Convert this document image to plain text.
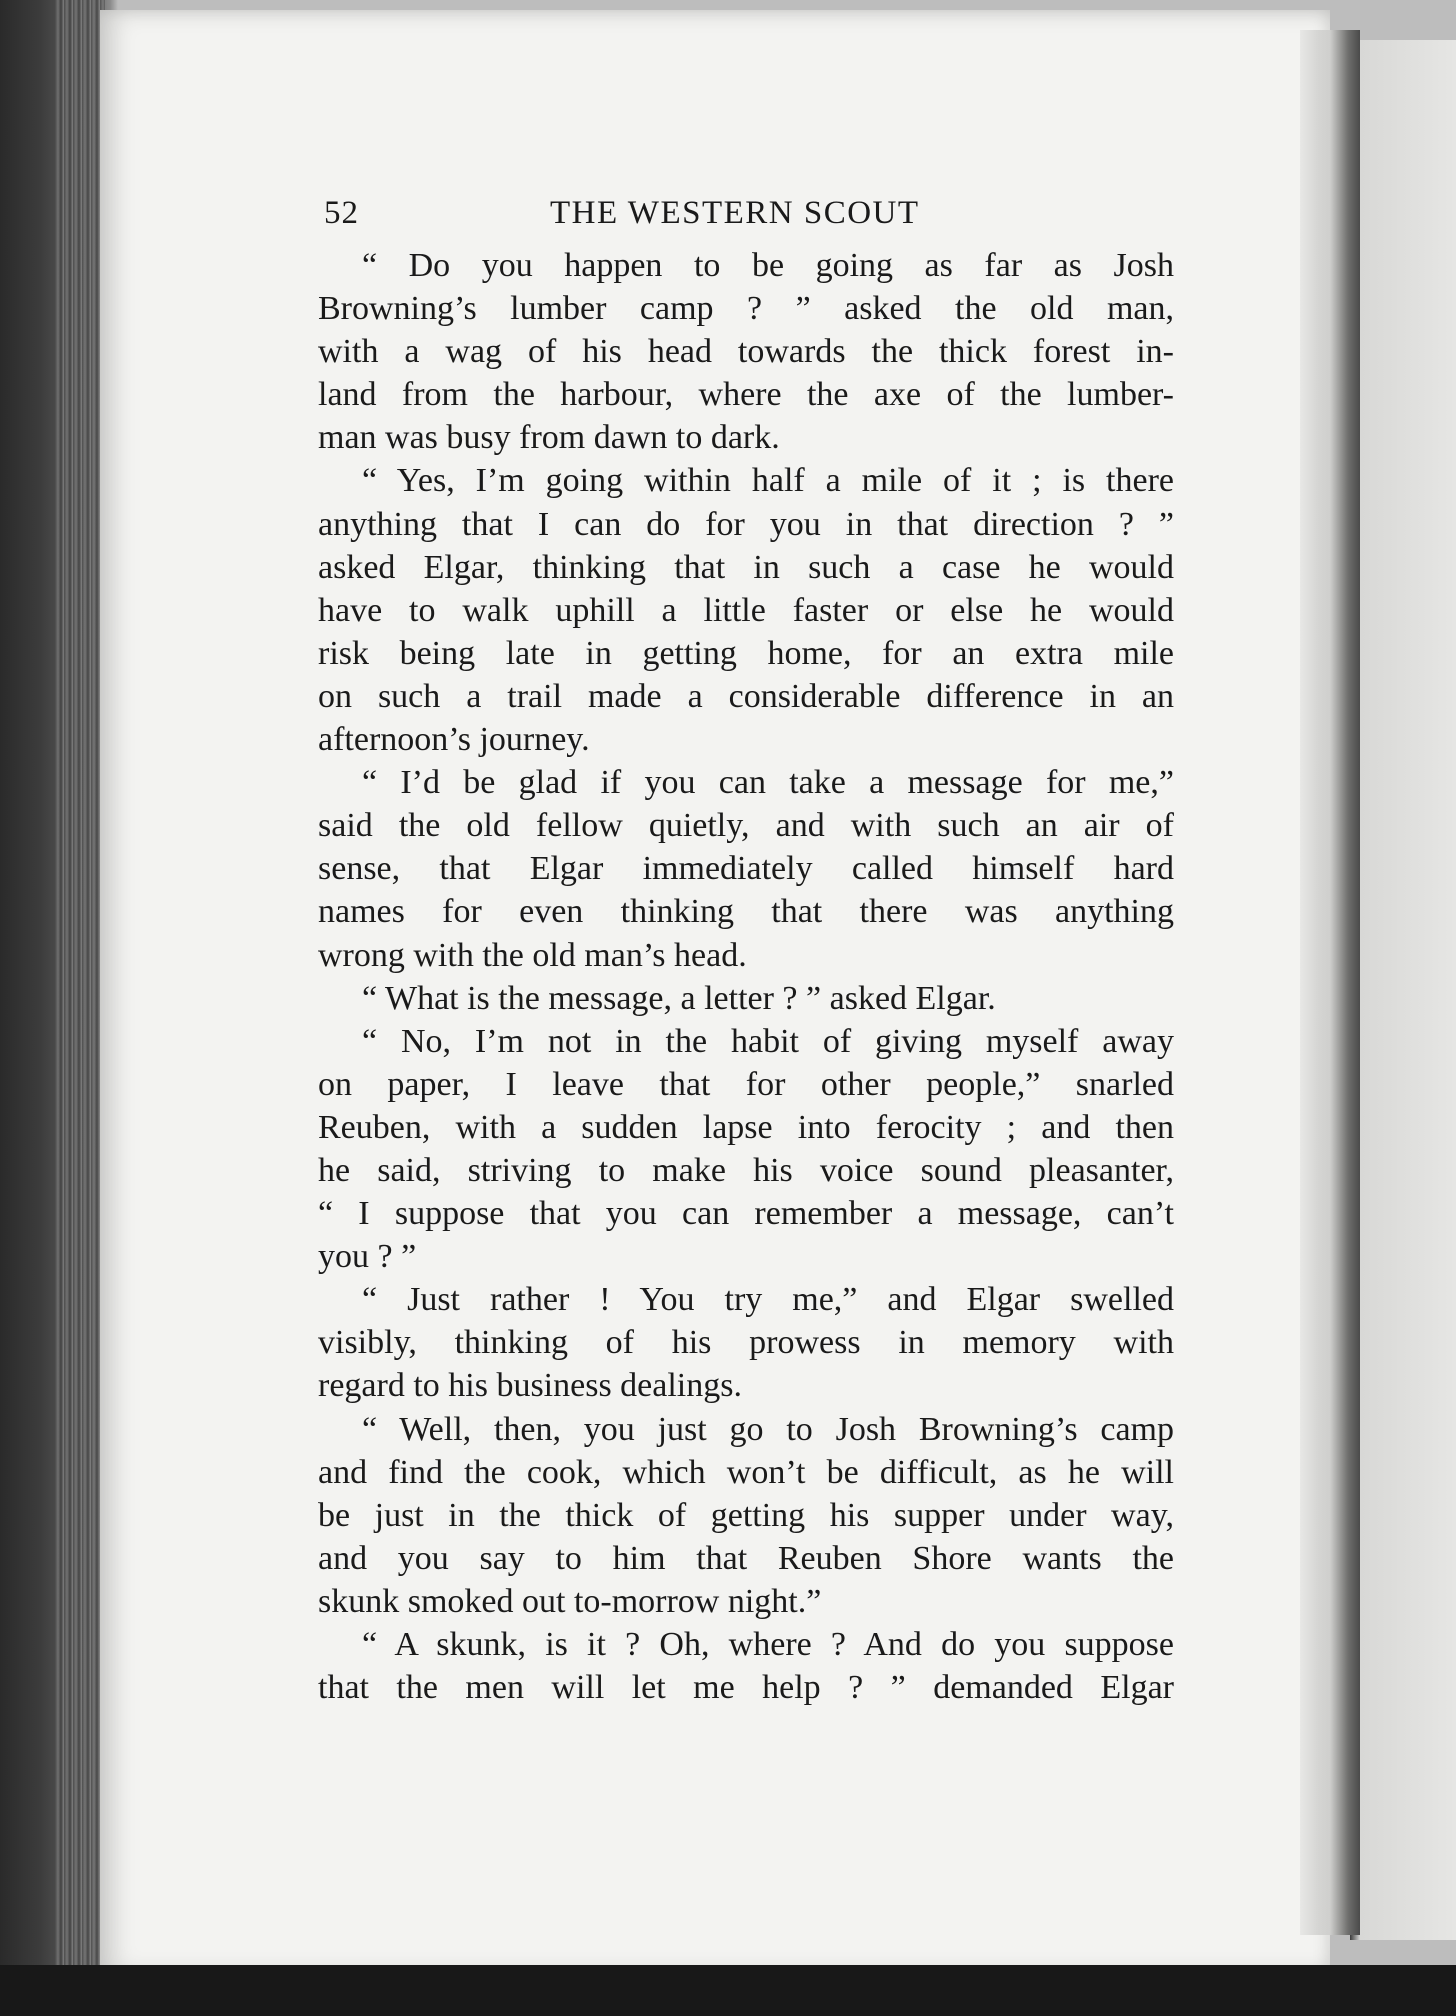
52	THE WESTERN SCOUT
“ Do you happen to be going as far as Josh
Browning’s lumber camp ? ” asked the old man,
with a wag of his head towards the thick forest in-
land from the harbour, where the axe of the lumber-
man was busy from dawn to dark.
“ Yes, I’m going within half a mile of it ; is there
anything that I can do for you in that direction ? ”
asked Elgar, thinking that in such a case he would
have to walk uphill a little faster or else he would
risk being late in getting home, for an extra mile
on such a trail made a considerable difference in an
afternoon’s journey.
“ I’d be glad if you can take a message for me,”
said the old fellow quietly, and with such an air of
sense, that Elgar immediately called himself hard
names for even thinking that there was anything
wrong with the old man’s head.
“ What is the message, a letter ? ” asked Elgar.
“ No, I’m not in the habit of giving myself away
on paper, I leave that for other people,” snarled
Reuben, with a sudden lapse into ferocity ; and then
he said, striving to make his voice sound pleasanter,
“ I suppose that you can remember a message, can’t
you ? ”
“ Just rather ! You try me,” and Elgar swelled
visibly, thinking of his prowess in memory with
regard to his business dealings.
“ Well, then, you just go to Josh Browning’s camp
and find the cook, which won’t be difficult, as he will
be just in the thick of getting his supper under way,
and you say to him that Reuben Shore wants the
skunk smoked out to-morrow night.”
“ A skunk, is it ? Oh, where ? And do you suppose
that the men will let me help ? ” demanded Elgar
